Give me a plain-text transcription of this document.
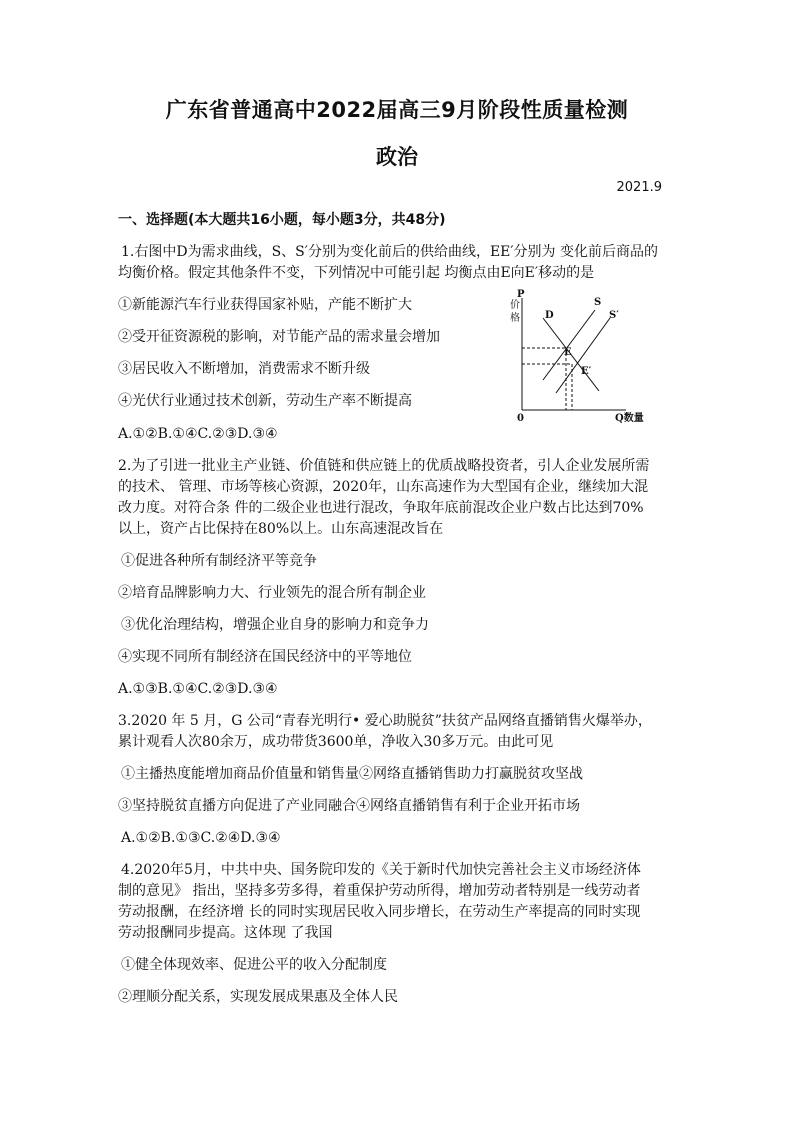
广东省普通高中2022届高三9月阶段性质量检测
政治
2021.9
一、选择题(本大题共16小题，每小题3分，共48分)
1.右图中D为需求曲线，S、S′分别为变化前后的供给曲线，EE′分别为 变化前后商品的
均衡价格。假定其他条件不变，下列情况中可能引起 均衡点由E向E′移动的是
①新能源汽车行业获得国家补贴，产能不断扩大
②受开征资源税的影响，对节能产品的需求量会增加
③居民收入不断增加，消费需求不断升级
④光伏行业通过技术创新，劳动生产率不断提高
A.①②B.①④C.②③D.③④
P
价
格	D
S
S′
E
E′
0	Q数量
2.为了引进一批业主产业链、价值链和供应链上的优质战略投资者，引人企业发展所需
的技术、 管理、市场等核心资源，2020年，山东高速作为大型国有企业，继续加大混
改力度。对符合条 件的二级企业也进行混改，争取年底前混改企业户数占比达到70%
以上，资产占比保持在80%以上。山东高速混改旨在
①促进各种所有制经济平等竞争
②培育品牌影响力大、行业领先的混合所有制企业
③优化治理结构，增强企业自身的影响力和竞争力
④实现不同所有制经济在国民经济中的平等地位
A.①③B.①④C.②③D.③④
3.2020 年 5 月，G 公司“青春光明行• 爱心助脱贫”扶贫产品网络直播销售火爆举办，
累计观看人次80余万，成功带货3600单，净收入30多万元。由此可见
①主播热度能增加商品价值量和销售量②网络直播销售助力打赢脱贫攻坚战
③坚持脱贫直播方向促进了产业同融合④网络直播销售有利于企业开拓市场
A.①②B.①③C.②④D.③④
4.2020年5月，中共中央、国务院印发的《关于新时代加快完善社会主义市场经济体
制的意见》 指出，坚持多劳多得，着重保护劳动所得，增加劳动者特别是一线劳动者
劳动报酬，在经济增 长的同时实现居民收入同步增长，在劳动生产率提高的同时实现
劳动报酬同步提高。这体现 了我国
①健全体现效率、促进公平的收入分配制度
②理顺分配关系，实现发展成果惠及全体人民
